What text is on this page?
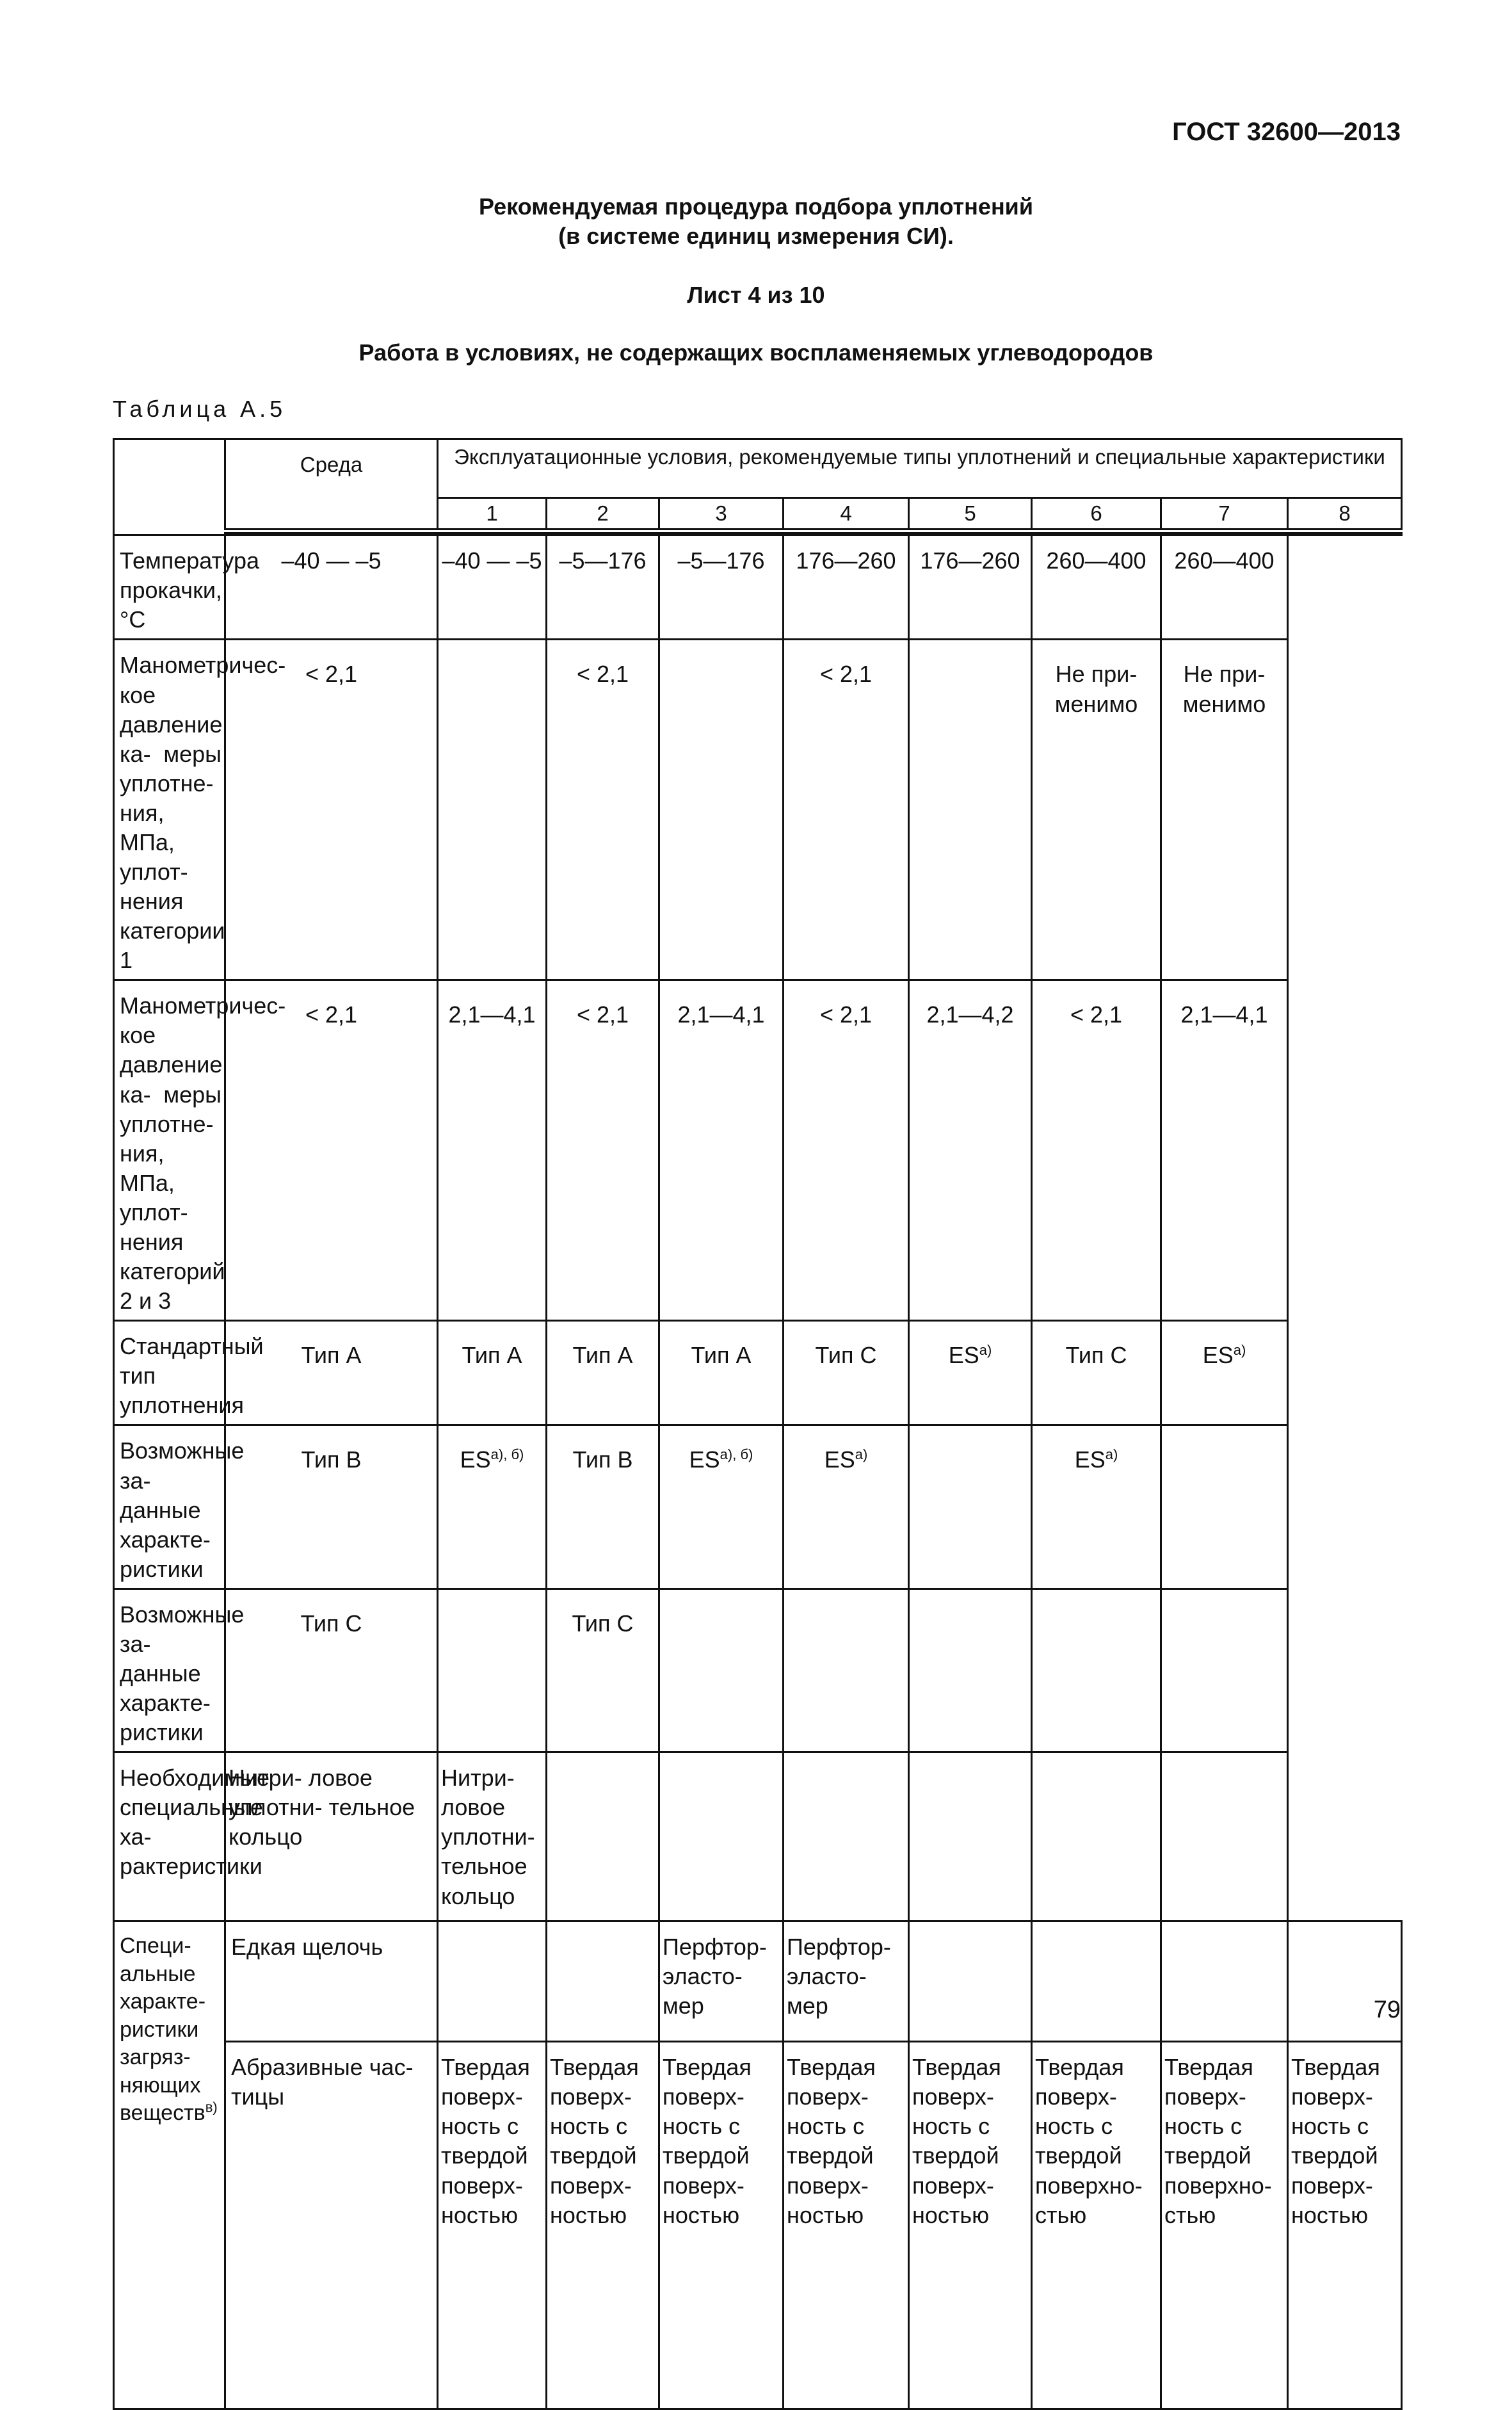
ГОСТ 32600—2013
Рекомендуемая процедура подбора уплотнений
(в системе единиц измерения СИ).
Лист 4 из 10
Работа в условиях, не содержащих воспламеняемых углеводородов
Таблица А.5
	Среда	Эксплуатационные условия, рекомендуемые типы уплотнений и специальные характеристики							
		1	2	3	4	5	6	7	8

Температура прокачки, °С	–40 — –5	–40 — –5	–5—176	–5—176	176—260	176—260	260—400	260—400	
Манометричес- кое давление ка- меры уплотне- ния, МПа, уплот- нения категории 1	< 2,1		< 2,1		< 2,1		Не при- менимо	Не при- менимо	
Манометричес- кое давление ка- меры уплотне- ния, МПа, уплот- нения категорий 2 и 3	< 2,1	2,1—4,1	< 2,1	2,1—4,1	< 2,1	2,1—4,2	< 2,1	2,1—4,1	
Стандартный тип уплотнения	Тип А	Тип А	Тип А	Тип А	Тип С	$ES^{а)}$	Тип С	$ES^{а)}$
Возможные за- данные характе- ристики	Тип В	$ES^{а), б)}$	Тип В	$ES^{а), б)}$	$ES^{а)}$		$ES^{а)}$	
Возможные за- данные характе- ристики	Тип С		Тип С						
Необходимые специальные ха- рактеристики	Нитри- ловое уплотни- тельное кольцо	Нитри- ловое уплотни- тельное кольцо							
Специ- альные характе- ристики загряз- няющих веществ$^{в)}$	Едкая щелочь			Перфтор- эласто- мер	Перфтор- эласто- мер				
	Абразивные час- тицы	Твердая поверх- ность с твердой поверх- ностью	Твердая поверх- ность с твердой поверх- ностью	Твердая поверх- ность с твердой поверх- ностью	Твердая поверх- ность с твердой поверх- ностью	Твердая поверх- ность с твердой поверх- ностью	Твердая поверх- ность с твердой поверхно- стью	Твердая поверх- ность с твердой поверхно- стью	Твердая поверх- ность с твердой поверх- ностью
79
